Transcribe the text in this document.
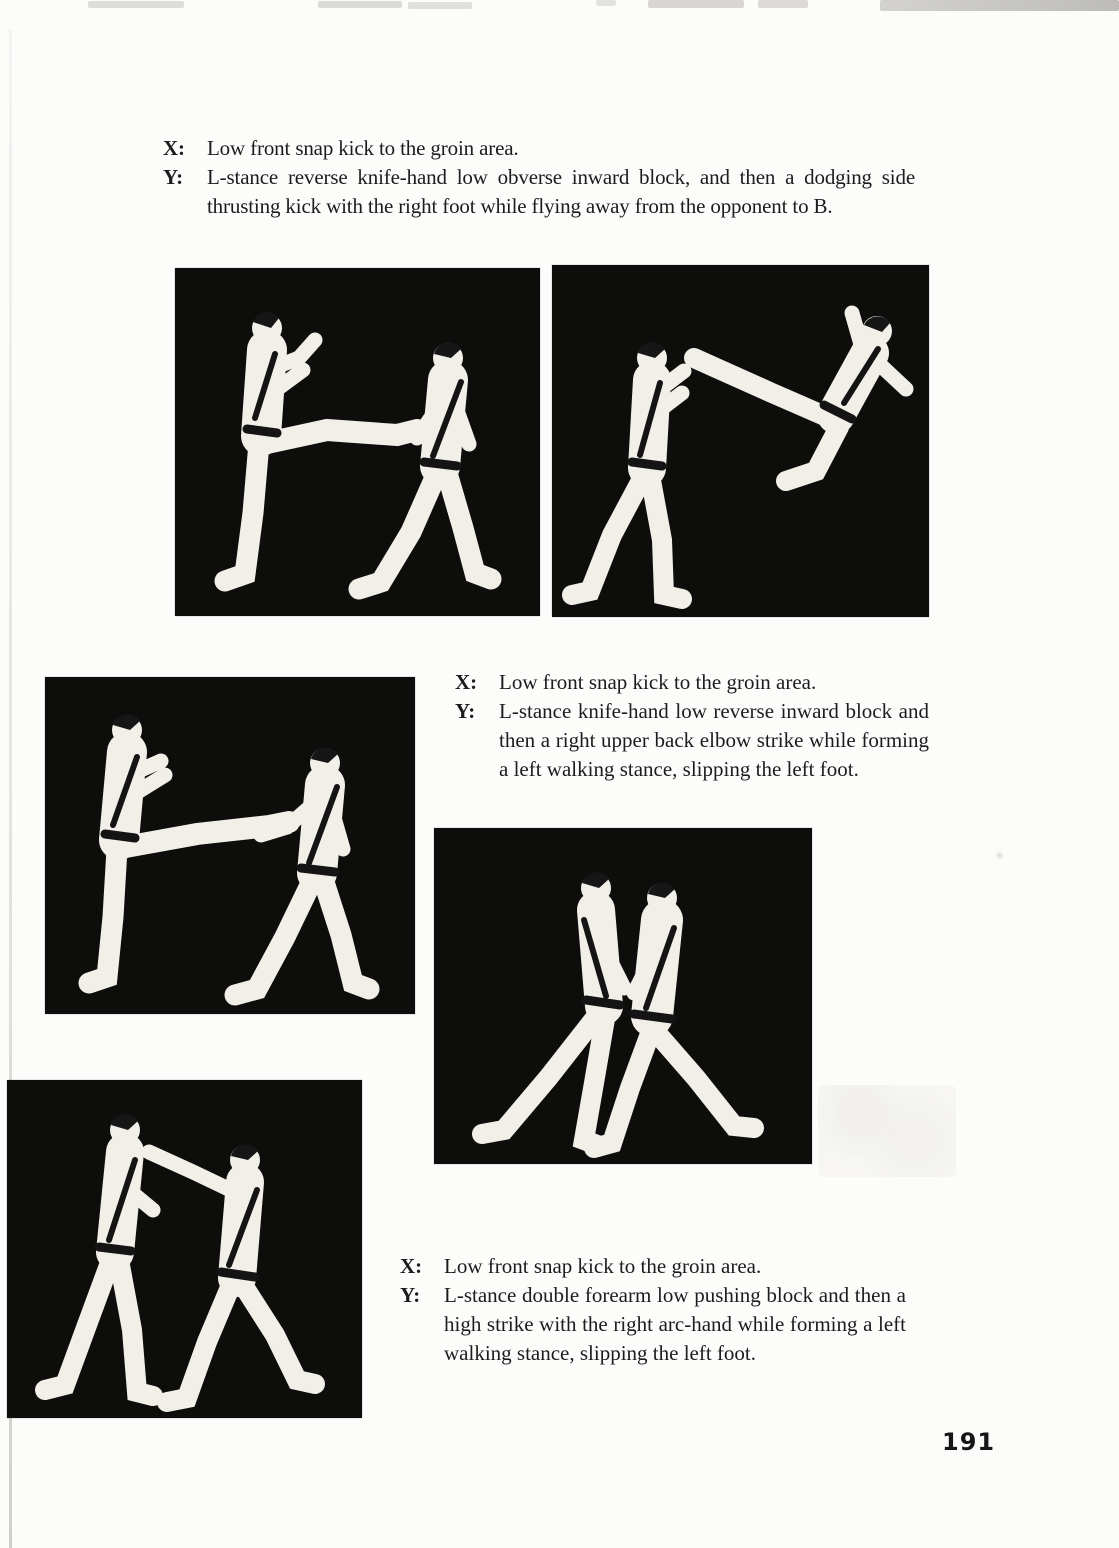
X:	Low front snap kick to the groin area.
Y:	L-stance reverse knife-hand low obverse inward block, and then a dodging side thrusting kick with the right foot while flying away from the opponent to B.
X:	Low front snap kick to the groin area.
Y:	L-stance knife-hand low reverse inward block and then a right upper back elbow strike while forming a left walking stance, slipping the left foot.
X:	Low front snap kick to the groin area.
Y:	L-stance double forearm low pushing block and then a high strike with the right arc-hand while forming a left walking stance, slipping the left foot.
191
